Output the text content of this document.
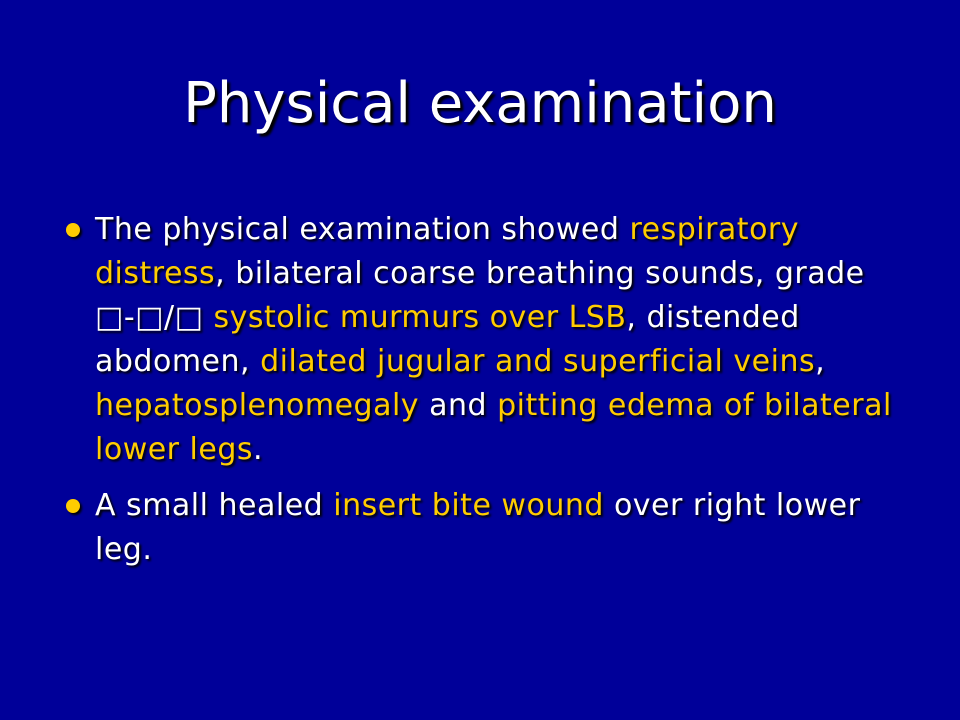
Physical examination
The physical examination showed respiratory distress, bilateral coarse breathing sounds, grade □-□/□ systolic murmurs over LSB, distended abdomen, dilated jugular and superficial veins, hepatosplenomegaly and pitting edema of bilateral lower legs.
A small healed insert bite wound over right lower leg.
